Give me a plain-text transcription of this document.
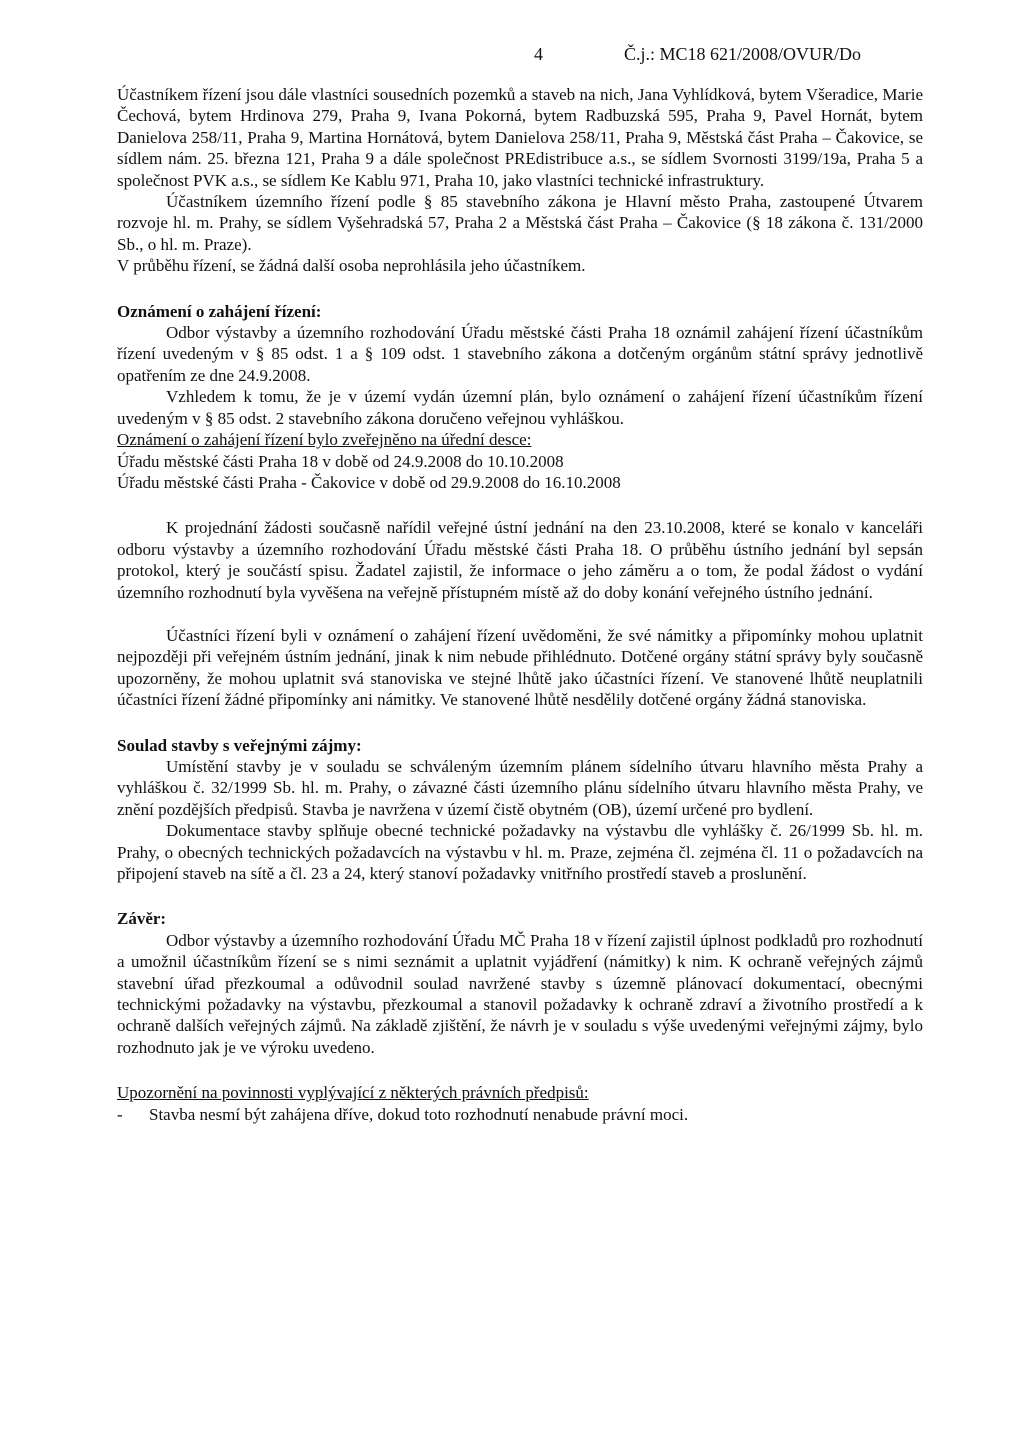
4	Č.j.: MC18 621/2008/OVUR/Do

Účastníkem řízení jsou dále vlastníci sousedních pozemků a staveb na nich, Jana Vyhlídková, bytem Všeradice, Marie Čechová, bytem Hrdinova 279, Praha 9, Ivana Pokorná, bytem Radbuzská 595, Praha 9, Pavel Hornát, bytem Danielova 258/11, Praha 9, Martina Hornátová, bytem Danielova 258/11, Praha 9, Městská část Praha – Čakovice, se sídlem nám. 25. března 121, Praha 9 a dále společnost PREdistribuce a.s., se sídlem Svornosti 3199/19a, Praha 5 a společnost PVK a.s., se sídlem Ke Kablu 971, Praha 10, jako vlastníci technické infrastruktury.

Účastníkem územního řízení podle § 85 stavebního zákona je Hlavní město Praha, zastoupené Útvarem rozvoje hl. m. Prahy, se sídlem Vyšehradská 57, Praha 2 a Městská část Praha – Čakovice (§ 18 zákona č. 131/2000 Sb., o hl. m. Praze).

V průběhu řízení, se žádná další osoba neprohlásila jeho účastníkem.

Oznámení o zahájení řízení:

Odbor výstavby a územního rozhodování Úřadu městské části Praha 18 oznámil zahájení řízení účastníkům řízení uvedeným v § 85 odst. 1 a § 109 odst. 1 stavebního zákona a dotčeným orgánům státní správy jednotlivě opatřením ze dne 24.9.2008.

Vzhledem k tomu, že je v území vydán územní plán, bylo oznámení o zahájení řízení účastníkům řízení uvedeným v § 85 odst. 2 stavebního zákona doručeno veřejnou vyhláškou.

Oznámení o zahájení řízení bylo zveřejněno na úřední desce:

Úřadu městské části Praha 18 v době od 24.9.2008 do 10.10.2008

Úřadu městské části Praha - Čakovice v době od 29.9.2008 do 16.10.2008

K projednání žádosti současně nařídil veřejné ústní jednání na den 23.10.2008, které se konalo v kanceláři odboru výstavby a územního rozhodování Úřadu městské části Praha 18. O průběhu ústního jednání byl sepsán protokol, který je součástí spisu. Žadatel zajistil, že informace o jeho záměru a o tom, že podal žádost o vydání územního rozhodnutí byla vyvěšena na veřejně přístupném místě až do doby konání veřejného ústního jednání.

Účastníci řízení byli v oznámení o zahájení řízení uvědoměni, že své námitky a připomínky mohou uplatnit nejpozději při veřejném ústním jednání, jinak k nim nebude přihlédnuto. Dotčené orgány státní správy byly současně upozorněny, že mohou uplatnit svá stanoviska ve stejné lhůtě jako účastníci řízení. Ve stanovené lhůtě neuplatnili účastníci řízení žádné připomínky ani námitky. Ve stanovené lhůtě nesdělily dotčené orgány žádná stanoviska.

Soulad stavby s veřejnými zájmy:

Umístění stavby je v souladu se schváleným územním plánem sídelního útvaru hlavního města Prahy a vyhláškou č. 32/1999 Sb. hl. m. Prahy, o závazné části územního plánu sídelního útvaru hlavního města Prahy, ve znění pozdějších předpisů. Stavba je navržena v území čistě obytném (OB), území určené pro bydlení.

Dokumentace stavby splňuje obecné technické požadavky na výstavbu dle vyhlášky č. 26/1999 Sb. hl. m. Prahy, o obecných technických požadavcích na výstavbu v hl. m. Praze, zejména čl. zejména čl. 11 o požadavcích na připojení staveb na sítě a čl. 23 a 24, který stanoví požadavky vnitřního prostředí staveb a proslunění.

Závěr:

Odbor výstavby a územního rozhodování Úřadu MČ Praha 18 v řízení zajistil úplnost podkladů pro rozhodnutí a umožnil účastníkům řízení se s nimi seznámit a uplatnit vyjádření (námitky) k nim. K ochraně veřejných zájmů stavební úřad přezkoumal a odůvodnil soulad navržené stavby s územně plánovací dokumentací, obecnými technickými požadavky na výstavbu, přezkoumal a stanovil požadavky k ochraně zdraví a životního prostředí a k ochraně dalších veřejných zájmů. Na základě zjištění, že návrh je v souladu s výše uvedenými veřejnými zájmy, bylo rozhodnuto jak je ve výroku uvedeno.

Upozornění na povinnosti vyplývající z některých právních předpisů:

- Stavba nesmí být zahájena dříve, dokud toto rozhodnutí nenabude právní moci.
